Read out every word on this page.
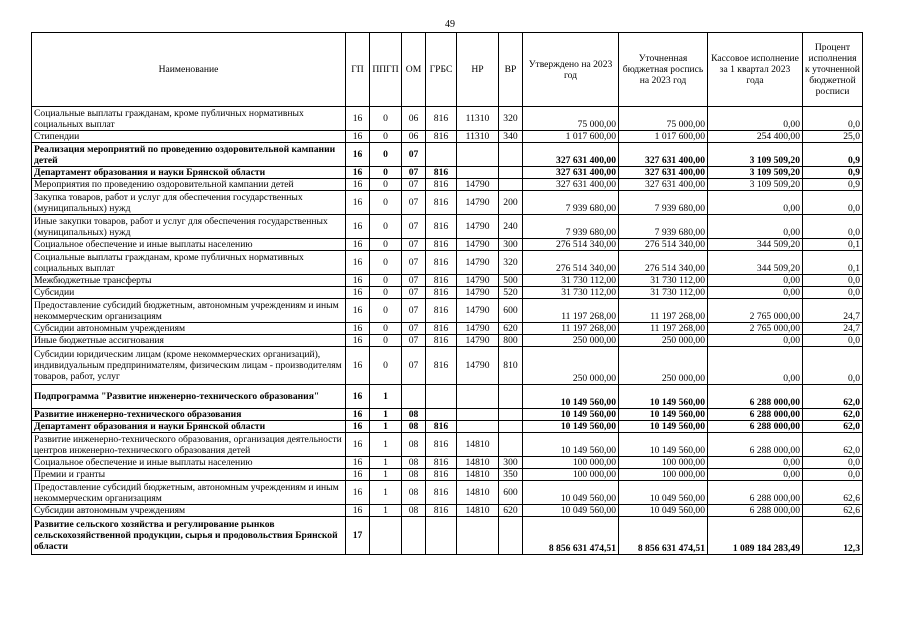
49
Наименование	ГП	ППГП	ОМ	ГРБС	НР	ВР	Утверждено на 2023 год	Уточненная бюджетная роспись на 2023 год	Кассовое исполнение за 1 квартал 2023 года	Процент исполнения к уточненной бюджетной росписи
Социальные выплаты гражданам, кроме публичных нормативных социальных выплат	16	0	06	816	11310	320	75 000,00	75 000,00	0,00	0,0
Стипендии	16	0	06	816	11310	340	1 017 600,00	1 017 600,00	254 400,00	25,0
Реализация мероприятий по проведению оздоровительной кампании детей	16	0	07				327 631 400,00	327 631 400,00	3 109 509,20	0,9
Департамент образования и науки Брянской области	16	0	07	816			327 631 400,00	327 631 400,00	3 109 509,20	0,9
Мероприятия по проведению оздоровительной кампании детей	16	0	07	816	14790		327 631 400,00	327 631 400,00	3 109 509,20	0,9
Закупка товаров, работ и услуг для обеспечения государственных (муниципальных) нужд	16	0	07	816	14790	200	7 939 680,00	7 939 680,00	0,00	0,0
Иные закупки товаров, работ и услуг для обеспечения государственных (муниципальных) нужд	16	0	07	816	14790	240	7 939 680,00	7 939 680,00	0,00	0,0
Социальное обеспечение и иные выплаты населению	16	0	07	816	14790	300	276 514 340,00	276 514 340,00	344 509,20	0,1
Социальные выплаты гражданам, кроме публичных нормативных социальных выплат	16	0	07	816	14790	320	276 514 340,00	276 514 340,00	344 509,20	0,1
Межбюджетные трансферты	16	0	07	816	14790	500	31 730 112,00	31 730 112,00	0,00	0,0
Субсидии	16	0	07	816	14790	520	31 730 112,00	31 730 112,00	0,00	0,0
Предоставление субсидий бюджетным, автономным учреждениям и иным некоммерческим организациям	16	0	07	816	14790	600	11 197 268,00	11 197 268,00	2 765 000,00	24,7
Субсидии автономным учреждениям	16	0	07	816	14790	620	11 197 268,00	11 197 268,00	2 765 000,00	24,7
Иные бюджетные ассигнования	16	0	07	816	14790	800	250 000,00	250 000,00	0,00	0,0
Субсидии юридическим лицам (кроме некоммерческих организаций), индивидуальным предпринимателям, физическим лицам - производителям товаров, работ, услуг	16	0	07	816	14790	810	250 000,00	250 000,00	0,00	0,0
Подпрограмма "Развитие инженерно-технического образования"	16	1					10 149 560,00	10 149 560,00	6 288 000,00	62,0
Развитие инженерно-технического образования	16	1	08				10 149 560,00	10 149 560,00	6 288 000,00	62,0
Департамент образования и науки Брянской области	16	1	08	816			10 149 560,00	10 149 560,00	6 288 000,00	62,0
Развитие инженерно-технического образования, организация деятельности центров инженерно-технического образования детей	16	1	08	816	14810		10 149 560,00	10 149 560,00	6 288 000,00	62,0
Социальное обеспечение и иные выплаты населению	16	1	08	816	14810	300	100 000,00	100 000,00	0,00	0,0
Премии и гранты	16	1	08	816	14810	350	100 000,00	100 000,00	0,00	0,0
Предоставление субсидий бюджетным, автономным учреждениям и иным некоммерческим организациям	16	1	08	816	14810	600	10 049 560,00	10 049 560,00	6 288 000,00	62,6
Субсидии автономным учреждениям	16	1	08	816	14810	620	10 049 560,00	10 049 560,00	6 288 000,00	62,6
Развитие сельского хозяйства и регулирование рынков сельскохозяйственной продукции, сырья и продовольствия Брянской области	17						8 856 631 474,51	8 856 631 474,51	1 089 184 283,49	12,3
